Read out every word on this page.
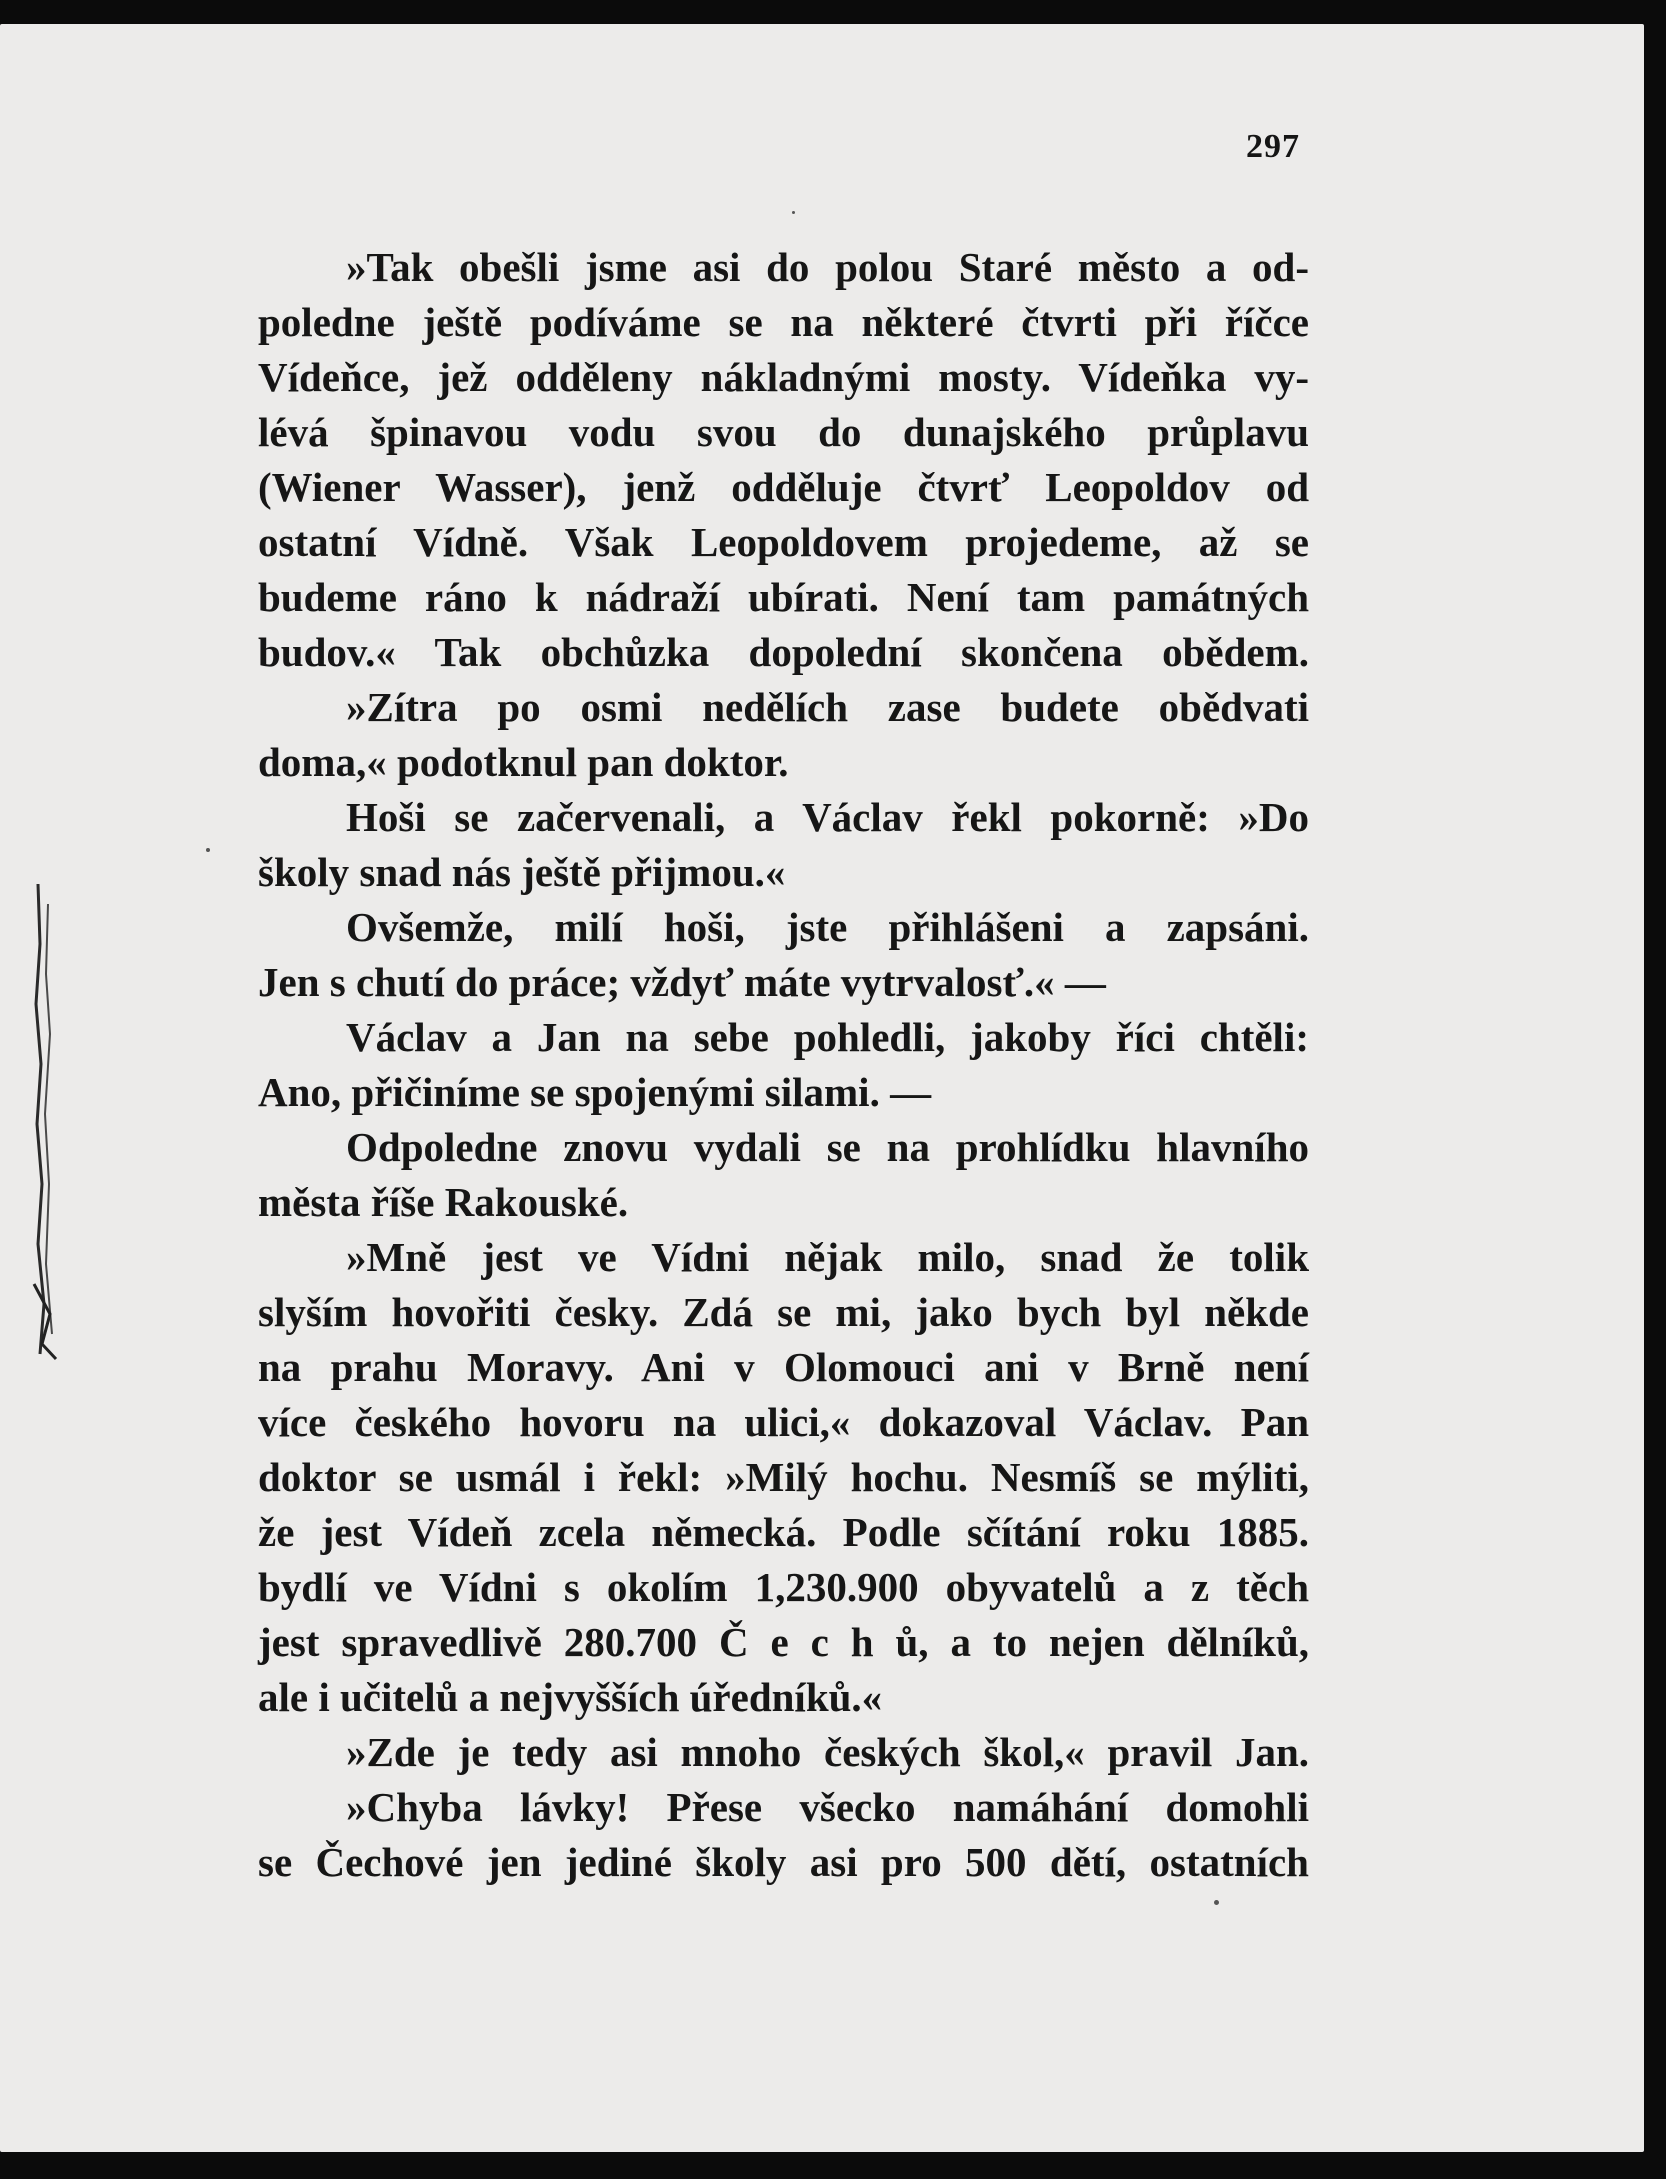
297
»Tak obešli jsme asi do polou Staré město a od-
poledne ještě podíváme se na některé čtvrti při říčce
Vídeňce, jež odděleny nákladnými mosty. Vídeňka vy-
lévá špinavou vodu svou do dunajského průplavu
(Wiener Wasser), jenž odděluje čtvrť Leopoldov od
ostatní Vídně. Však Leopoldovem projedeme, až se
budeme ráno k nádraží ubírati. Není tam památných
budov.« Tak obchůzka dopolední skončena obědem.
»Zítra po osmi nedělích zase budete obědvati
doma,« podotknul pan doktor.
Hoši se začervenali, a Václav řekl pokorně: »Do
školy snad nás ještě přijmou.«
Ovšemže, milí hoši, jste přihlášeni a zapsáni.
Jen s chutí do práce; vždyť máte vytrvalosť.« —
Václav a Jan na sebe pohledli, jakoby říci chtěli:
Ano, přičiníme se spojenými silami. —
Odpoledne znovu vydali se na prohlídku hlavního
města říše Rakouské.
»Mně jest ve Vídni nějak milo, snad že tolik
slyším hovořiti česky. Zdá se mi, jako bych byl někde
na prahu Moravy. Ani v Olomouci ani v Brně není
více českého hovoru na ulici,« dokazoval Václav. Pan
doktor se usmál i řekl: »Milý hochu. Nesmíš se mýliti,
že jest Vídeň zcela německá. Podle sčítání roku 1885.
bydlí ve Vídni s okolím 1,230.900 obyvatelů a z těch
jest spravedlivě 280.700 Č e c h ů, a to nejen dělníků,
ale i učitelů a nejvyšších úředníků.«
»Zde je tedy asi mnoho českých škol,« pravil Jan.
»Chyba lávky! Přese všecko namáhání domohli
se Čechové jen jediné školy asi pro 500 dětí, ostatních
